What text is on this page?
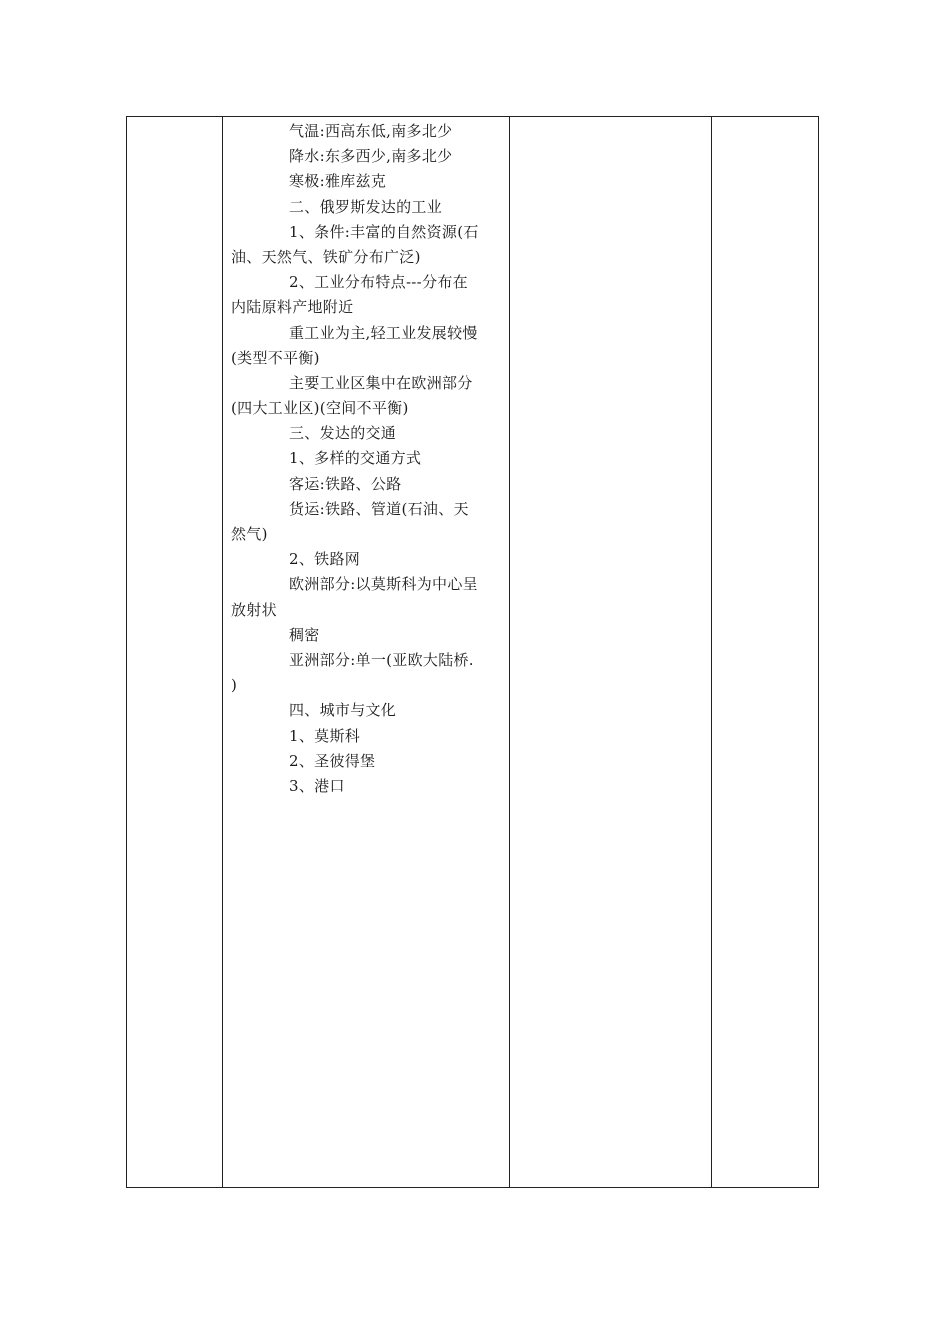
气温:西高东低,南多北少
降水:东多西少,南多北少
寒极:雅库兹克
二、俄罗斯发达的工业
1、条件:丰富的自然资源(石
油、天然气、铁矿分布广泛)
2、工业分布特点---分布在
内陆原料产地附近
重工业为主,轻工业发展较慢
(类型不平衡)
主要工业区集中在欧洲部分
(四大工业区)(空间不平衡)
三、发达的交通
1、多样的交通方式
客运:铁路、公路
货运:铁路、管道(石油、天
然气)
2、铁路网
欧洲部分:以莫斯科为中心呈
放射状
稠密
亚洲部分:单一(亚欧大陆桥.
)
四、城市与文化
1、莫斯科
2、圣彼得堡
3、港口
